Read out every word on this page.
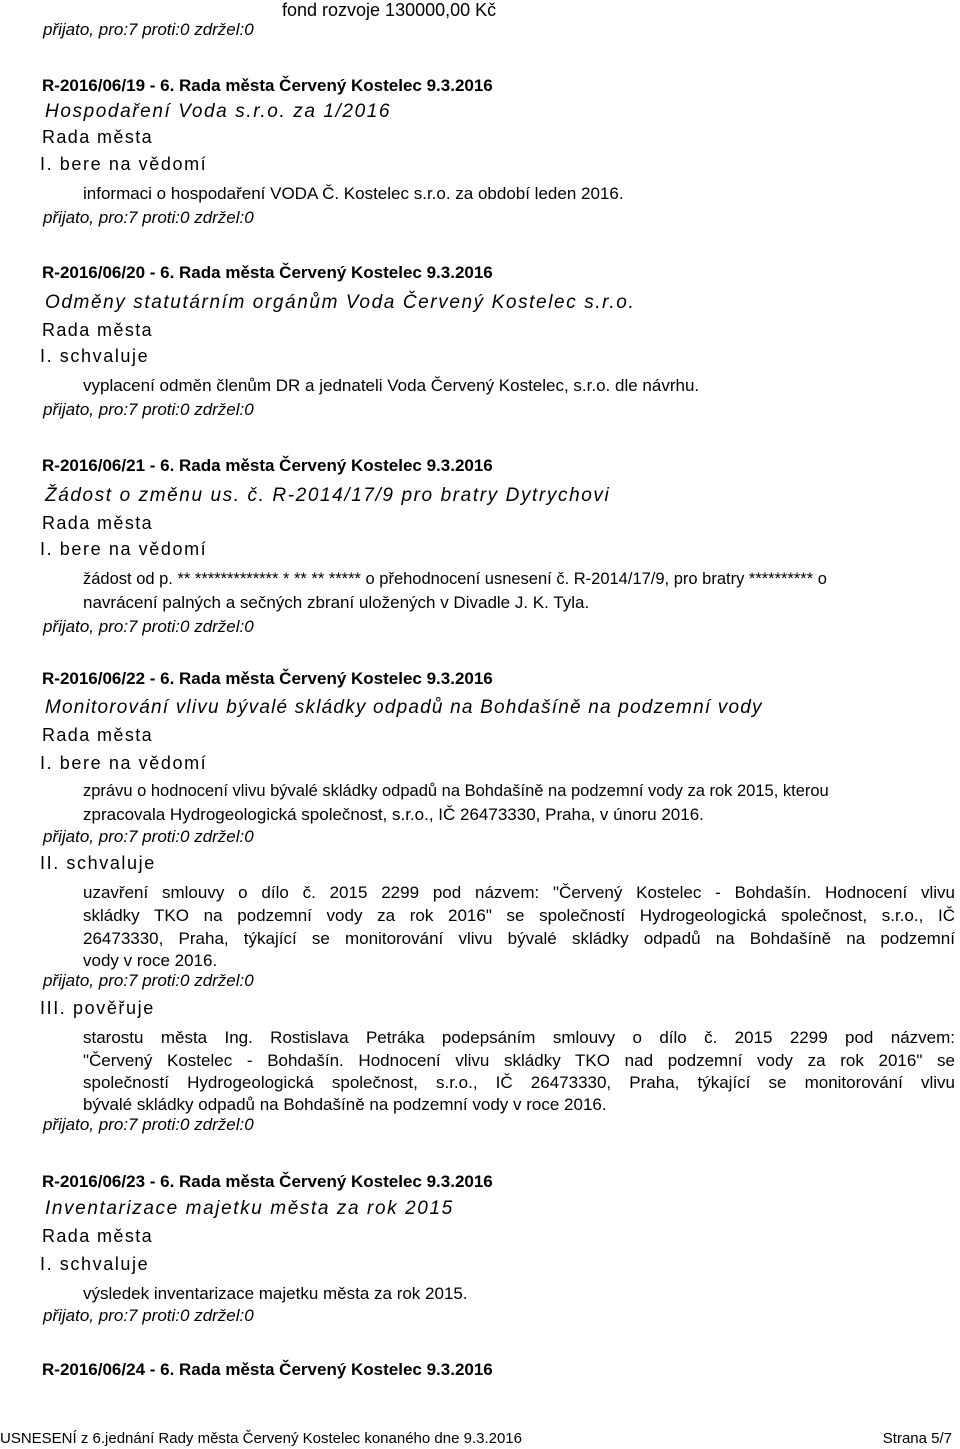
přijato, pro:7 proti:0 zdržel:0
fond rozvoje 130000,00 Kč
R-2016/06/19 - 6. Rada města Červený Kostelec 9.3.2016
Hospodaření Voda s.r.o. za 1/2016
Rada města
I. bere na vědomí
informaci o hospodaření VODA Č. Kostelec s.r.o. za období leden 2016.
přijato, pro:7 proti:0 zdržel:0
R-2016/06/20 - 6. Rada města Červený Kostelec 9.3.2016
Odměny statutárním orgánům Voda Červený Kostelec s.r.o.
Rada města
I. schvaluje
vyplacení odměn členům DR a jednateli Voda Červený Kostelec, s.r.o. dle návrhu.
přijato, pro:7 proti:0 zdržel:0
R-2016/06/21 - 6. Rada města Červený Kostelec 9.3.2016
Žádost o změnu us. č. R-2014/17/9 pro bratry Dytrychovi
Rada města
I. bere na vědomí
žádost od p. ** ************* * ** ** ***** o přehodnocení usnesení č. R-2014/17/9, pro bratry ********** o
navrácení palných a sečných zbraní uložených v Divadle J. K. Tyla.
přijato, pro:7 proti:0 zdržel:0
R-2016/06/22 - 6. Rada města Červený Kostelec 9.3.2016
Monitorování vlivu bývalé skládky odpadů na Bohdašíně na podzemní vody
Rada města
I. bere na vědomí
zprávu o hodnocení vlivu bývalé skládky odpadů na Bohdašíně na podzemní vody za rok 2015, kterou
zpracovala Hydrogeologická společnost, s.r.o., IČ 26473330, Praha, v únoru 2016.
přijato, pro:7 proti:0 zdržel:0
II. schvaluje
uzavření smlouvy o dílo č. 2015 2299 pod názvem: "Červený Kostelec - Bohdašín. Hodnocení vlivu
skládky TKO na podzemní vody za rok 2016" se společností Hydrogeologická společnost, s.r.o., IČ
26473330, Praha, týkající se monitorování vlivu bývalé skládky odpadů na Bohdašíně na podzemní
vody v roce 2016.
přijato, pro:7 proti:0 zdržel:0
III. pověřuje
starostu města Ing. Rostislava Petráka podepsáním smlouvy o dílo č. 2015 2299 pod názvem:
"Červený Kostelec - Bohdašín. Hodnocení vlivu skládky TKO nad podzemní vody za rok 2016" se
společností Hydrogeologická společnost, s.r.o., IČ 26473330, Praha, týkající se monitorování vlivu
bývalé skládky odpadů na Bohdašíně na podzemní vody v roce 2016.
přijato, pro:7 proti:0 zdržel:0
R-2016/06/23 - 6. Rada města Červený Kostelec 9.3.2016
Inventarizace majetku města za rok 2015
Rada města
I. schvaluje
výsledek inventarizace majetku města za rok 2015.
přijato, pro:7 proti:0 zdržel:0
R-2016/06/24 - 6. Rada města Červený Kostelec 9.3.2016
USNESENÍ z 6.jednání Rady města Červený Kostelec konaného dne 9.3.2016	Strana 5/7
